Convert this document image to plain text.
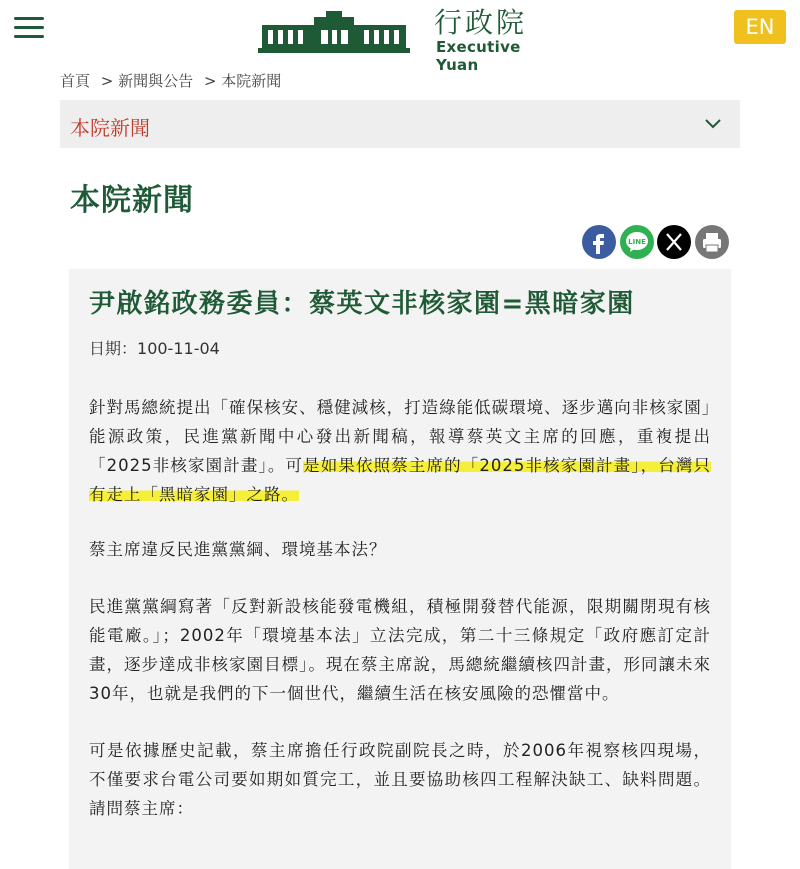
行政院
Executive Yuan
EN
首頁 > 新聞與公告 > 本院新聞
本院新聞
本院新聞
LINE
尹啟銘政務委員：蔡英文非核家園=黑暗家園
日期：100-11-04

針對馬總統提出「確保核安、穩健減核，打造綠能低碳環境、逐步邁向非核家園」能源政策，民進黨新聞中心發出新聞稿，報導蔡英文主席的回應，重複提出「2025非核家園計畫」。可是如果依照蔡主席的「2025非核家園計畫」，台灣只有走上「黑暗家園」之路。

蔡主席違反民進黨黨綱、環境基本法？

民進黨黨綱寫著「反對新設核能發電機組，積極開發替代能源，限期關閉現有核能電廠。」；2002年「環境基本法」立法完成，第二十三條規定「政府應訂定計畫，逐步達成非核家園目標」。現在蔡主席說，馬總統繼續核四計畫，形同讓未來30年，也就是我們的下一個世代，繼續生活在核安風險的恐懼當中。

可是依據歷史記載，蔡主席擔任行政院副院長之時，於2006年視察核四現場，不僅要求台電公司要如期如質完工，並且要協助核四工程解決缺工、缺料問題。請問蔡主席：
